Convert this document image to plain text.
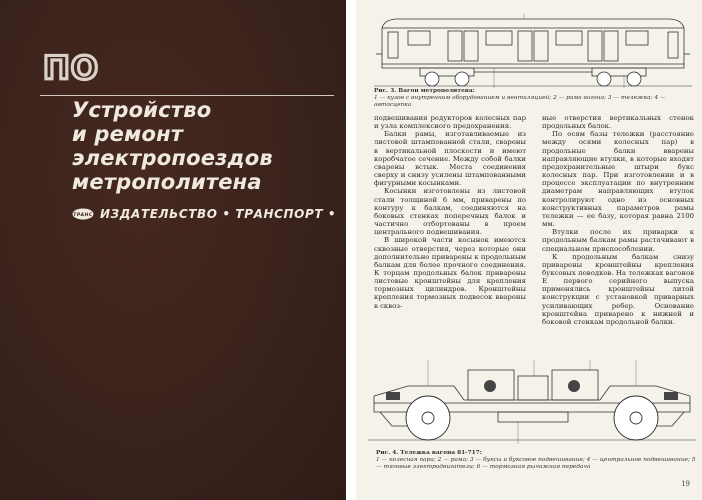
ПО
Устройство
и ремонт
электропоездов
метрополитена
ТРАНС ИЗДАТЕЛЬСТВО • ТРАНСПОРТ •
Рис. 3. Вагон метрополитена:
1 — кузов с внутренним оборудованием и вентиляцией; 2 — рама вагона; 3 — тележка; 4 — автосцепка

подвешивания редукторов колесных пар и узла комплексного предохранения.

Балки рамы, изготавливаемые из листовой штампованной стали, сварены в вертикальной плоскости и имеют коробчатое сечение. Между собой балки сварены встык. Места соединения сверху и снизу усилены штампованными фигурными косынками.

Косынки изготовлены из листовой стали толщиной 6 мм, приварены по контуру к балкам, соединяются на боковых стенках поперечных балок и частично отбортованы в проем центрального подвешивания.

В широкой части косынок имеются сквозные отверстия, через которые они дополнительно приварены к продольным балкам для более прочного соединения. К торцам продольных балок приварены листовые кронштейны для крепления тормозных цилиндров. Кронштейны крепления тормозных подвесок вварены в сквоз-

ные отверстия вертикальных стенок продольных балок.

По осям базы тележки (расстояние между осями колесных пар) в продольные балки вварены направляющие втулки, в которые входят предохранительные штыри букс колесных пар. При изготовлении и в процессе эксплуатации по внутренним диаметрам направляющих втулок контролируют одно из основных конструктивных параметров рамы тележки — ее базу, которая равна 2100 мм.

Втулки после их приварки к продольным балкам рамы растачивают в специальном приспособлении.

К продольным балкам снизу приварены кронштейны крепления буксовых поводков. На тележках вагонов Е первого серийного выпуска применялись кронштейны литой конструкции с установкой приварных усиливающих ребер. Основание кронштейна приварено к нижней и боковой стенкам продольной балки.

Рис. 4. Тележка вагона 81-717:
1 — колесная пара; 2 — рама; 3 — буксы и буксовое подвешивание; 4 — центральное подвешивание; 5 — тяговые электродвигатели; 6 — тормозная рычажная передача
19
